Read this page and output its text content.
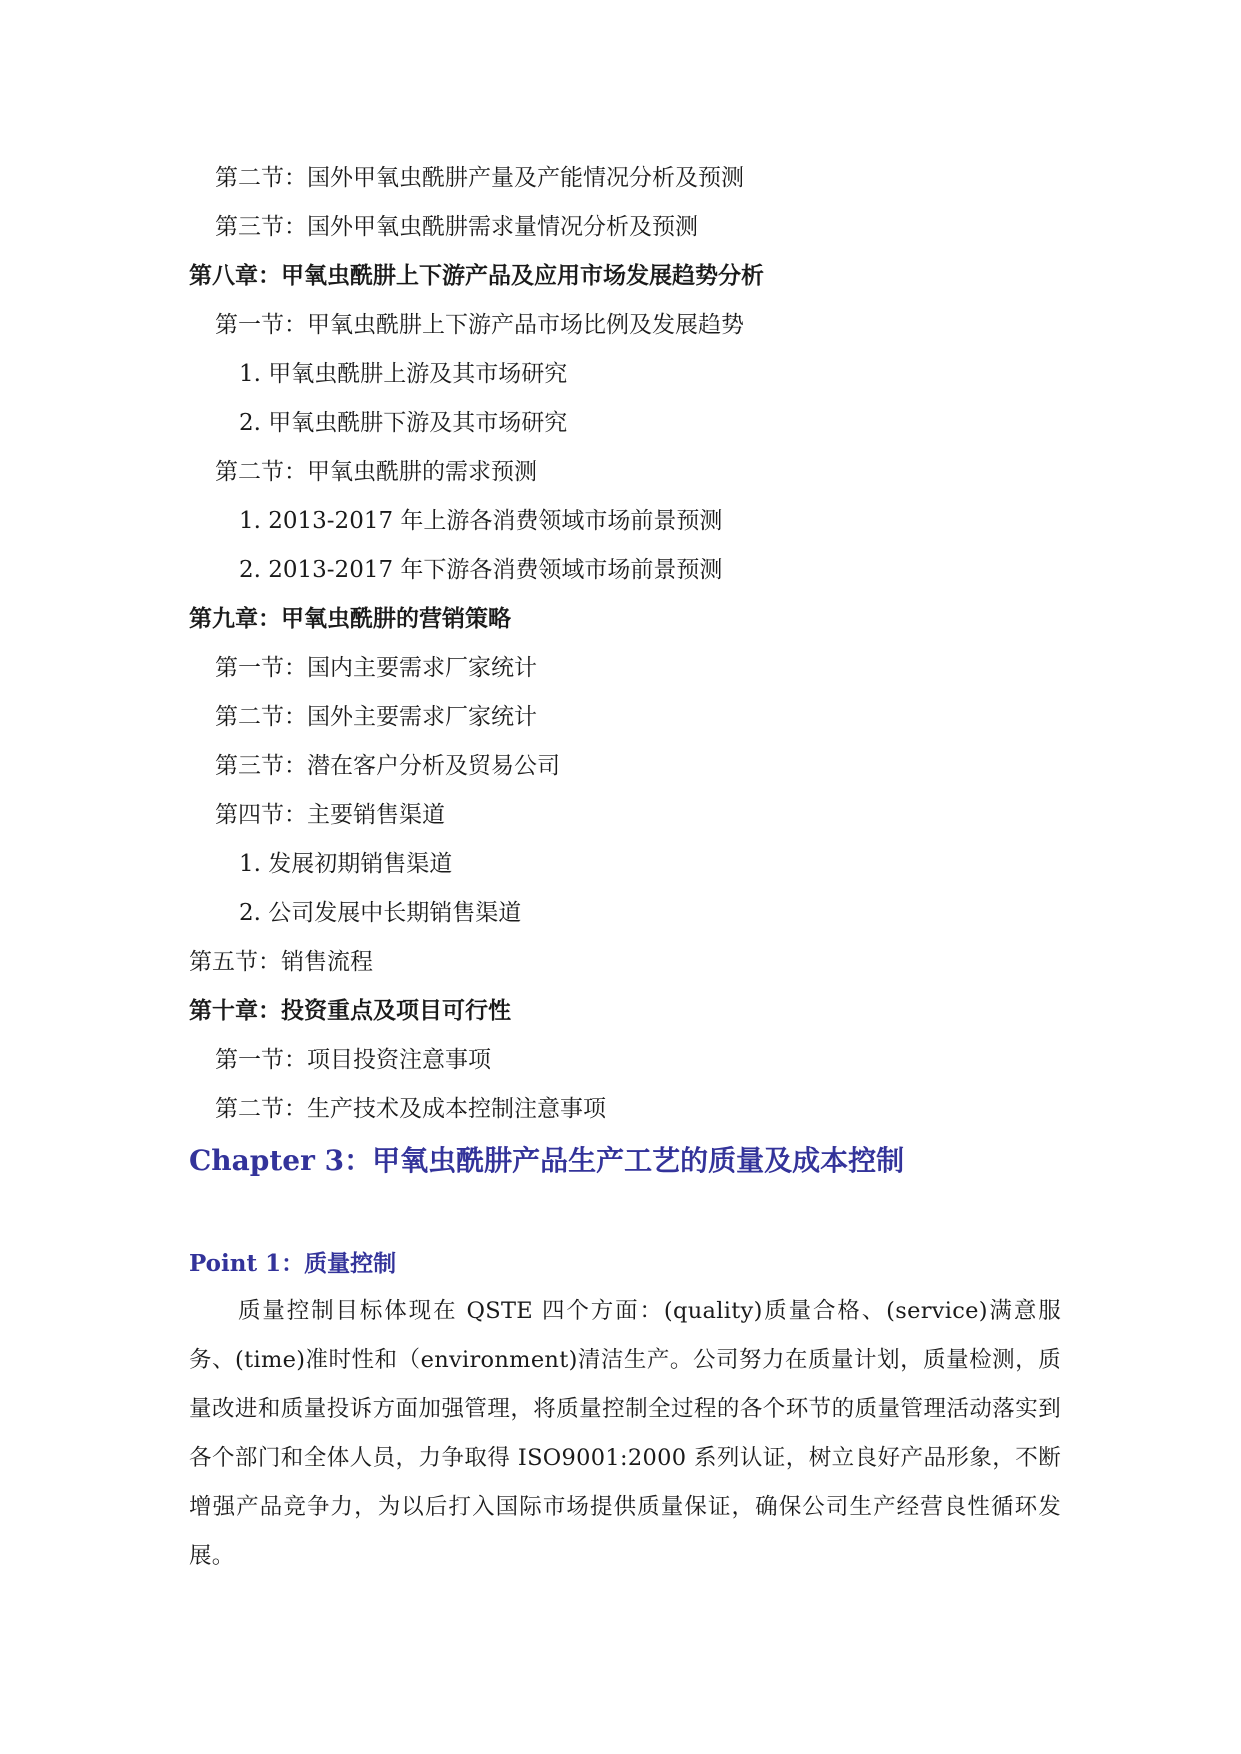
第二节：国外甲氧虫酰肼产量及产能情况分析及预测
第三节：国外甲氧虫酰肼需求量情况分析及预测
第八章：甲氧虫酰肼上下游产品及应用市场发展趋势分析
第一节：甲氧虫酰肼上下游产品市场比例及发展趋势
1. 甲氧虫酰肼上游及其市场研究
2. 甲氧虫酰肼下游及其市场研究
第二节：甲氧虫酰肼的需求预测
1. 2013-2017 年上游各消费领域市场前景预测
2. 2013-2017 年下游各消费领域市场前景预测
第九章：甲氧虫酰肼的营销策略
第一节：国内主要需求厂家统计
第二节：国外主要需求厂家统计
第三节：潜在客户分析及贸易公司
第四节：主要销售渠道
1. 发展初期销售渠道
2. 公司发展中长期销售渠道
第五节：销售流程
第十章：投资重点及项目可行性
第一节：项目投资注意事项
第二节：生产技术及成本控制注意事项
Chapter 3：甲氧虫酰肼产品生产工艺的质量及成本控制
Point 1：质量控制

质量控制目标体现在 QSTE 四个方面：(quality)质量合格、(service)满意服务、(time)准时性和（environment)清洁生产。公司努力在质量计划，质量检测，质量改进和质量投诉方面加强管理，将质量控制全过程的各个环节的质量管理活动落实到各个部门和全体人员，力争取得 ISO9001:2000 系列认证，树立良好产品形象，不断增强产品竞争力，为以后打入国际市场提供质量保证，确保公司生产经营良性循环发展。
